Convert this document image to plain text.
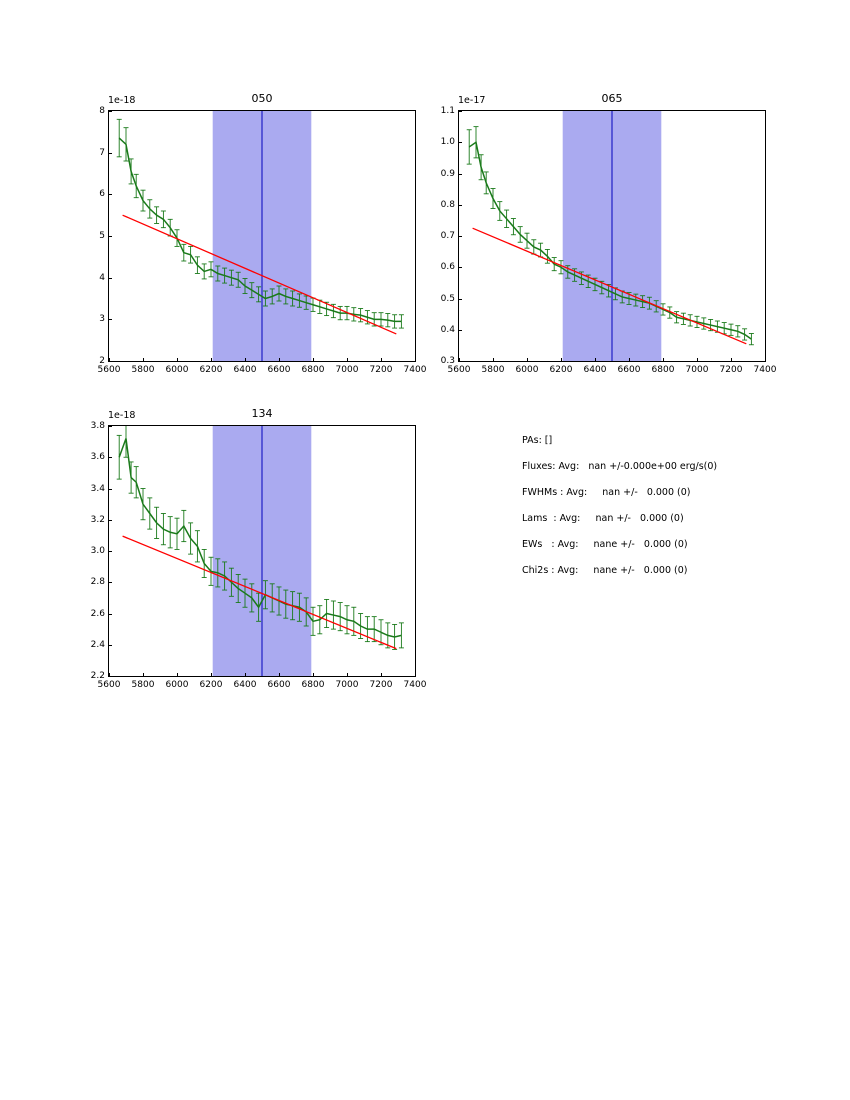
1e-18	050
5600 5800 6000 6200 6400 6600 6800 7000 7200 7400
2
3
4
5
6
7
8
1e-17	065
5600 5800 6000 6200 6400 6600 6800 7000 7200 7400
0.3
0.4
0.5
0.6
0.7
0.8
0.9
1.0
1.1
1e-18	134
5600 5800 6000 6200 6400 6600 6800 7000 7200 7400
2.2
2.4
2.6
2.8
3.0
3.2
3.4
3.6
3.8
PAs: []
Fluxes: Avg:   nan +/-0.000e+00 erg/s(0)
FWHMs : Avg:     nan +/-   0.000 (0)
Lams  : Avg:     nan +/-   0.000 (0)
EWs   : Avg:     nane +/-   0.000 (0)
Chi2s : Avg:     nane +/-   0.000 (0)
